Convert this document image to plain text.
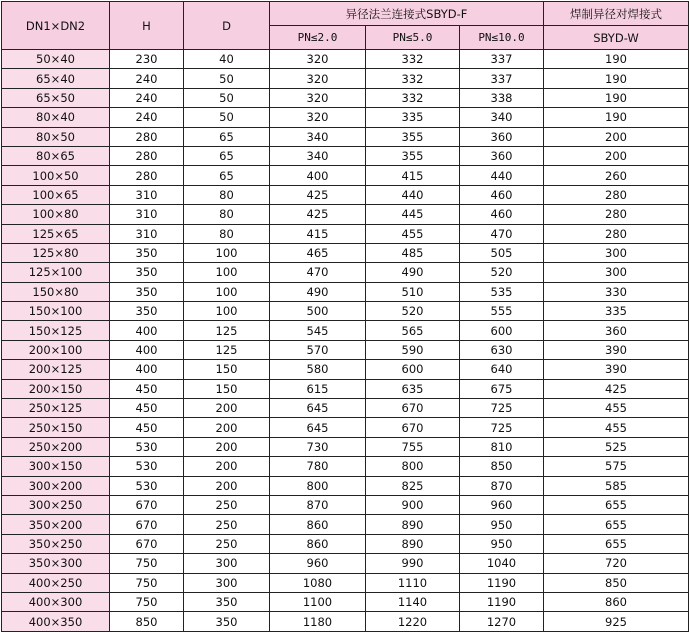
DN1×DN2	H	D	异径法兰连接式SBYD-F			焊制异径对焊接式
			PN≤2.0	PN≤5.0	PN≤10.0	SBYD-W
50×40	230	40	320	332	337	190
65×40	240	50	320	332	337	190
65×50	240	50	320	332	338	190
80×40	240	50	320	335	340	190
80×50	280	65	340	355	360	200
80×65	280	65	340	355	360	200
100×50	280	65	400	415	440	260
100×65	310	80	425	440	460	280
100×80	310	80	425	445	460	280
125×65	310	80	415	455	470	280
125×80	350	100	465	485	505	300
125×100	350	100	470	490	520	300
150×80	350	100	490	510	535	330
150×100	350	100	500	520	555	335
150×125	400	125	545	565	600	360
200×100	400	125	570	590	630	390
200×125	400	150	580	600	640	390
200×150	450	150	615	635	675	425
250×125	450	200	645	670	725	455
250×150	450	200	645	670	725	455
250×200	530	200	730	755	810	525
300×150	530	200	780	800	850	575
300×200	530	200	800	825	870	585
300×250	670	250	870	900	960	655
350×200	670	250	860	890	950	655
350×250	670	250	860	890	950	655
350×300	750	300	960	990	1040	720
400×250	750	300	1080	1110	1190	850
400×300	750	350	1100	1140	1190	860
400×350	850	350	1180	1220	1270	925
